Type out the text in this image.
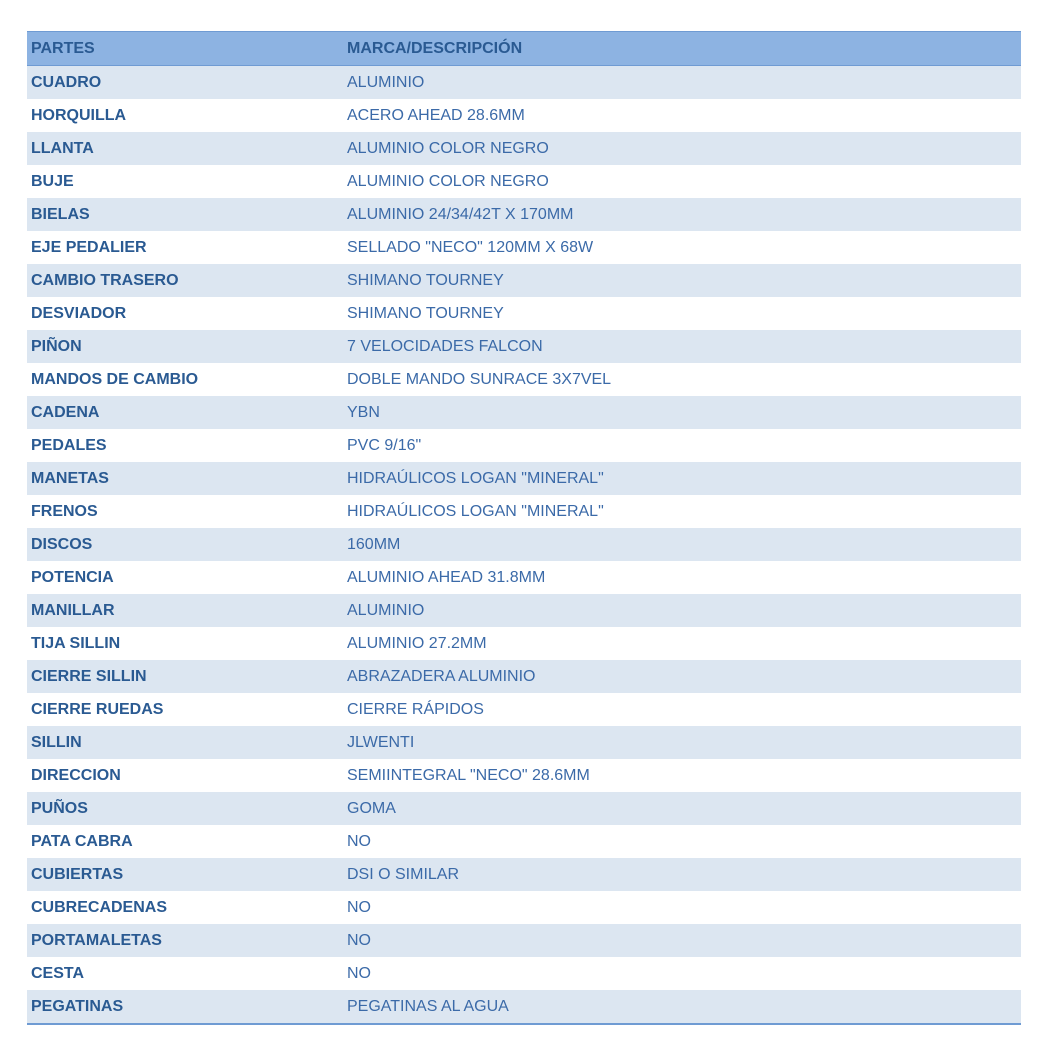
PARTES	MARCA/DESCRIPCIÓN
CUADRO	ALUMINIO
HORQUILLA	ACERO AHEAD 28.6MM
LLANTA	ALUMINIO COLOR NEGRO
BUJE	ALUMINIO COLOR NEGRO
BIELAS	ALUMINIO 24/34/42T X 170MM
EJE PEDALIER	SELLADO "NECO" 120MM X 68W
CAMBIO TRASERO	SHIMANO TOURNEY
DESVIADOR	SHIMANO TOURNEY
PIÑON	7 VELOCIDADES FALCON
MANDOS DE CAMBIO	DOBLE MANDO SUNRACE 3X7VEL
CADENA	YBN
PEDALES	PVC 9/16"
MANETAS	HIDRAÚLICOS LOGAN "MINERAL"
FRENOS	HIDRAÚLICOS LOGAN "MINERAL"
DISCOS	160MM
POTENCIA	ALUMINIO AHEAD 31.8MM
MANILLAR	ALUMINIO
TIJA SILLIN	ALUMINIO 27.2MM
CIERRE SILLIN	ABRAZADERA ALUMINIO
CIERRE RUEDAS	CIERRE RÁPIDOS
SILLIN	JLWENTI
DIRECCION	SEMIINTEGRAL "NECO" 28.6MM
PUÑOS	GOMA
PATA CABRA	NO
CUBIERTAS	DSI O SIMILAR
CUBRECADENAS	NO
PORTAMALETAS	NO
CESTA	NO
PEGATINAS	PEGATINAS AL AGUA
